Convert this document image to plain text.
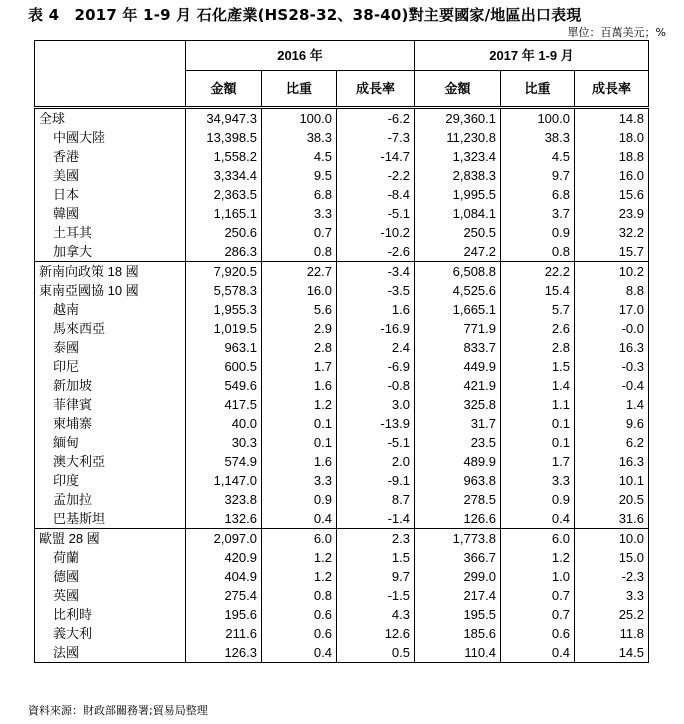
表 4　2017 年 1-9 月 石化產業(HS28-32、38-40)對主要國家/地區出口表現
單位：百萬美元；%
	2016 年			2017 年 1-9 月		
	金額	比重	成長率	金額	比重	成長率
全球	34,947.3	100.0	-6.2	29,360.1	100.0	14.8
中國大陸	13,398.5	38.3	-7.3	11,230.8	38.3	18.0
香港	1,558.2	4.5	-14.7	1,323.4	4.5	18.8
美國	3,334.4	9.5	-2.2	2,838.3	9.7	16.0
日本	2,363.5	6.8	-8.4	1,995.5	6.8	15.6
韓國	1,165.1	3.3	-5.1	1,084.1	3.7	23.9
土耳其	250.6	0.7	-10.2	250.5	0.9	32.2
加拿大	286.3	0.8	-2.6	247.2	0.8	15.7
新南向政策 18 國	7,920.5	22.7	-3.4	6,508.8	22.2	10.2
東南亞國協 10 國	5,578.3	16.0	-3.5	4,525.6	15.4	8.8
越南	1,955.3	5.6	1.6	1,665.1	5.7	17.0
馬來西亞	1,019.5	2.9	-16.9	771.9	2.6	-0.0
泰國	963.1	2.8	2.4	833.7	2.8	16.3
印尼	600.5	1.7	-6.9	449.9	1.5	-0.3
新加坡	549.6	1.6	-0.8	421.9	1.4	-0.4
菲律賓	417.5	1.2	3.0	325.8	1.1	1.4
柬埔寨	40.0	0.1	-13.9	31.7	0.1	9.6
緬甸	30.3	0.1	-5.1	23.5	0.1	6.2
澳大利亞	574.9	1.6	2.0	489.9	1.7	16.3
印度	1,147.0	3.3	-9.1	963.8	3.3	10.1
孟加拉	323.8	0.9	8.7	278.5	0.9	20.5
巴基斯坦	132.6	0.4	-1.4	126.6	0.4	31.6
歐盟 28 國	2,097.0	6.0	2.3	1,773.8	6.0	10.0
荷蘭	420.9	1.2	1.5	366.7	1.2	15.0
德國	404.9	1.2	9.7	299.0	1.0	-2.3
英國	275.4	0.8	-1.5	217.4	0.7	3.3
比利時	195.6	0.6	4.3	195.5	0.7	25.2
義大利	211.6	0.6	12.6	185.6	0.6	11.8
法國	126.3	0.4	0.5	110.4	0.4	14.5
資料來源：財政部關務署;貿易局整理
